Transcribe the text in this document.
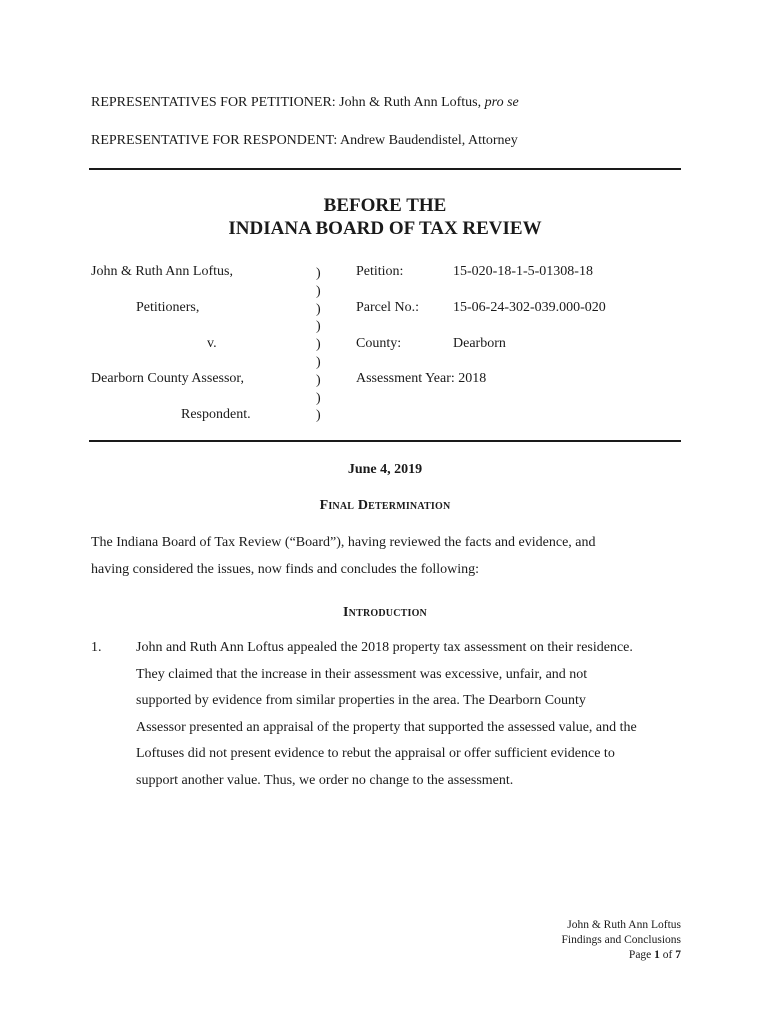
REPRESENTATIVES FOR PETITIONER: John & Ruth Ann Loftus, pro se
REPRESENTATIVE FOR RESPONDENT: Andrew Baudendistel, Attorney
BEFORE THE
INDIANA BOARD OF TAX REVIEW
John & Ruth Ann Loftus,
Petitioners,
v.
Dearborn County Assessor,
Respondent.
)
)
)
)
)
)
)
)
)
Petition:	15-020-18-1-5-01308-18
Parcel No.: 15-06-24-302-039.000-020
County:	Dearborn
Assessment Year: 2018
June 4, 2019
Final Determination
The Indiana Board of Tax Review (“Board”), having reviewed the facts and evidence, and
having considered the issues, now finds and concludes the following:
Introduction
1. John and Ruth Ann Loftus appealed the 2018 property tax assessment on their residence.
They claimed that the increase in their assessment was excessive, unfair, and not
supported by evidence from similar properties in the area. The Dearborn County
Assessor presented an appraisal of the property that supported the assessed value, and the
Loftuses did not present evidence to rebut the appraisal or offer sufficient evidence to
support another value. Thus, we order no change to the assessment.
John & Ruth Ann Loftus
Findings and Conclusions
Page 1 of 7
